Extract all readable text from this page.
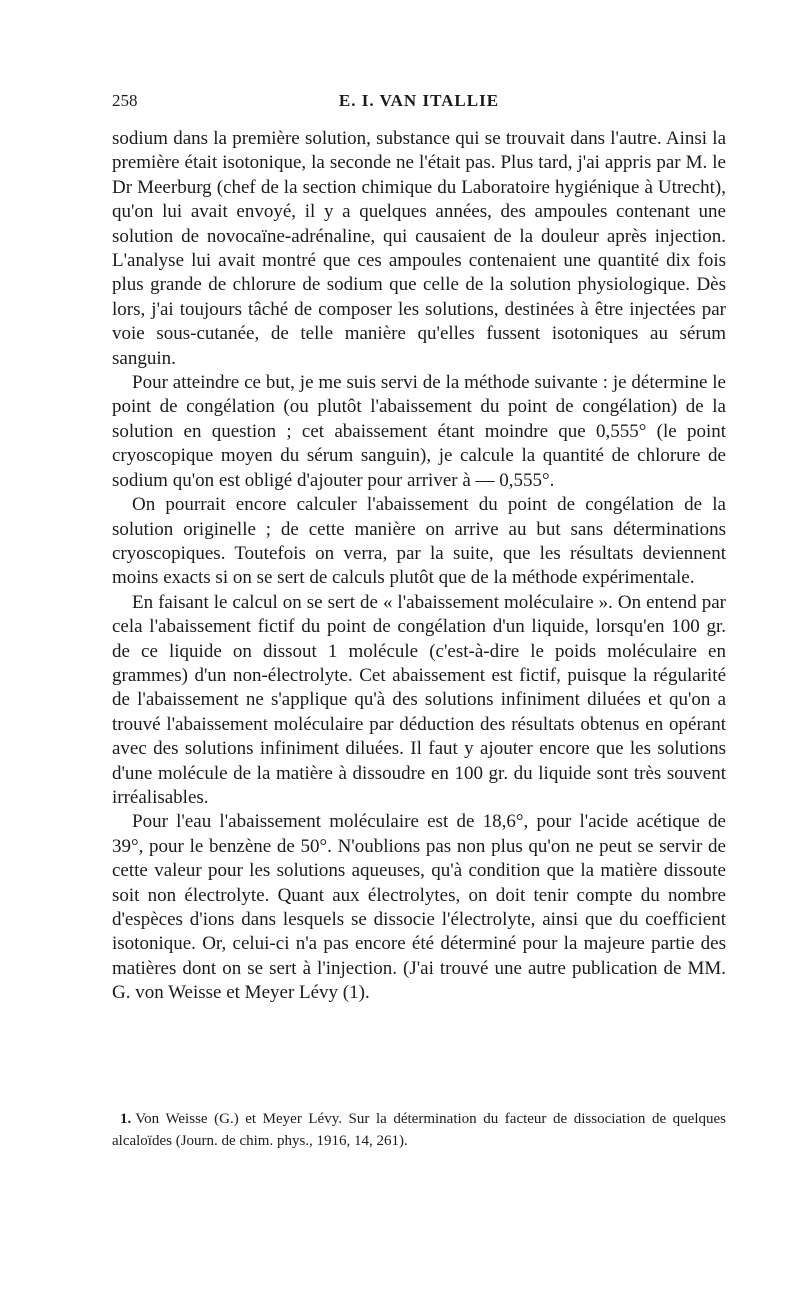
258	E. I. VAN ITALLIE

sodium dans la première solution, substance qui se trouvait dans l'autre. Ainsi la première était isotonique, la seconde ne l'était pas. Plus tard, j'ai appris par M. le Dr Meerburg (chef de la section chimique du Laboratoire hygiénique à Utrecht), qu'on lui avait envoyé, il y a quelques années, des ampoules contenant une solution de novocaïne-adrénaline, qui causaient de la douleur après injection. L'analyse lui avait montré que ces ampoules contenaient une quantité dix fois plus grande de chlorure de sodium que celle de la solution physiologique. Dès lors, j'ai toujours tâché de composer les solutions, destinées à être injectées par voie sous-cutanée, de telle manière qu'elles fussent isotoniques au sérum sanguin.

Pour atteindre ce but, je me suis servi de la méthode suivante : je détermine le point de congélation (ou plutôt l'abaissement du point de congélation) de la solution en question ; cet abaissement étant moindre que 0,555° (le point cryoscopique moyen du sérum sanguin), je calcule la quantité de chlorure de sodium qu'on est obligé d'ajouter pour arriver à — 0,555°.

On pourrait encore calculer l'abaissement du point de congélation de la solution originelle ; de cette manière on arrive au but sans déterminations cryoscopiques. Toutefois on verra, par la suite, que les résultats deviennent moins exacts si on se sert de calculs plutôt que de la méthode expérimentale.

En faisant le calcul on se sert de « l'abaissement moléculaire ». On entend par cela l'abaissement fictif du point de congélation d'un liquide, lorsqu'en 100 gr. de ce liquide on dissout 1 molécule (c'est-à-dire le poids moléculaire en grammes) d'un non-électrolyte. Cet abaissement est fictif, puisque la régularité de l'abaissement ne s'applique qu'à des solutions infiniment diluées et qu'on a trouvé l'abaissement moléculaire par déduction des résultats obtenus en opérant avec des solutions infiniment diluées. Il faut y ajouter encore que les solutions d'une molécule de la matière à dissoudre en 100 gr. du liquide sont très souvent irréalisables.

Pour l'eau l'abaissement moléculaire est de 18,6°, pour l'acide acétique de 39°, pour le benzène de 50°. N'oublions pas non plus qu'on ne peut se servir de cette valeur pour les solutions aqueuses, qu'à condition que la matière dissoute soit non électrolyte. Quant aux électrolytes, on doit tenir compte du nombre d'espèces d'ions dans lesquels se dissocie l'électrolyte, ainsi que du coefficient isotonique. Or, celui-ci n'a pas encore été déterminé pour la majeure partie des matières dont on se sert à l'injection. (J'ai trouvé une autre publication de MM. G. von Weisse et Meyer Lévy (1).

1. Von Weisse (G.) et Meyer Lévy. Sur la détermination du facteur de dissociation de quelques alcaloïdes (Journ. de chim. phys., 1916, 14, 261).
